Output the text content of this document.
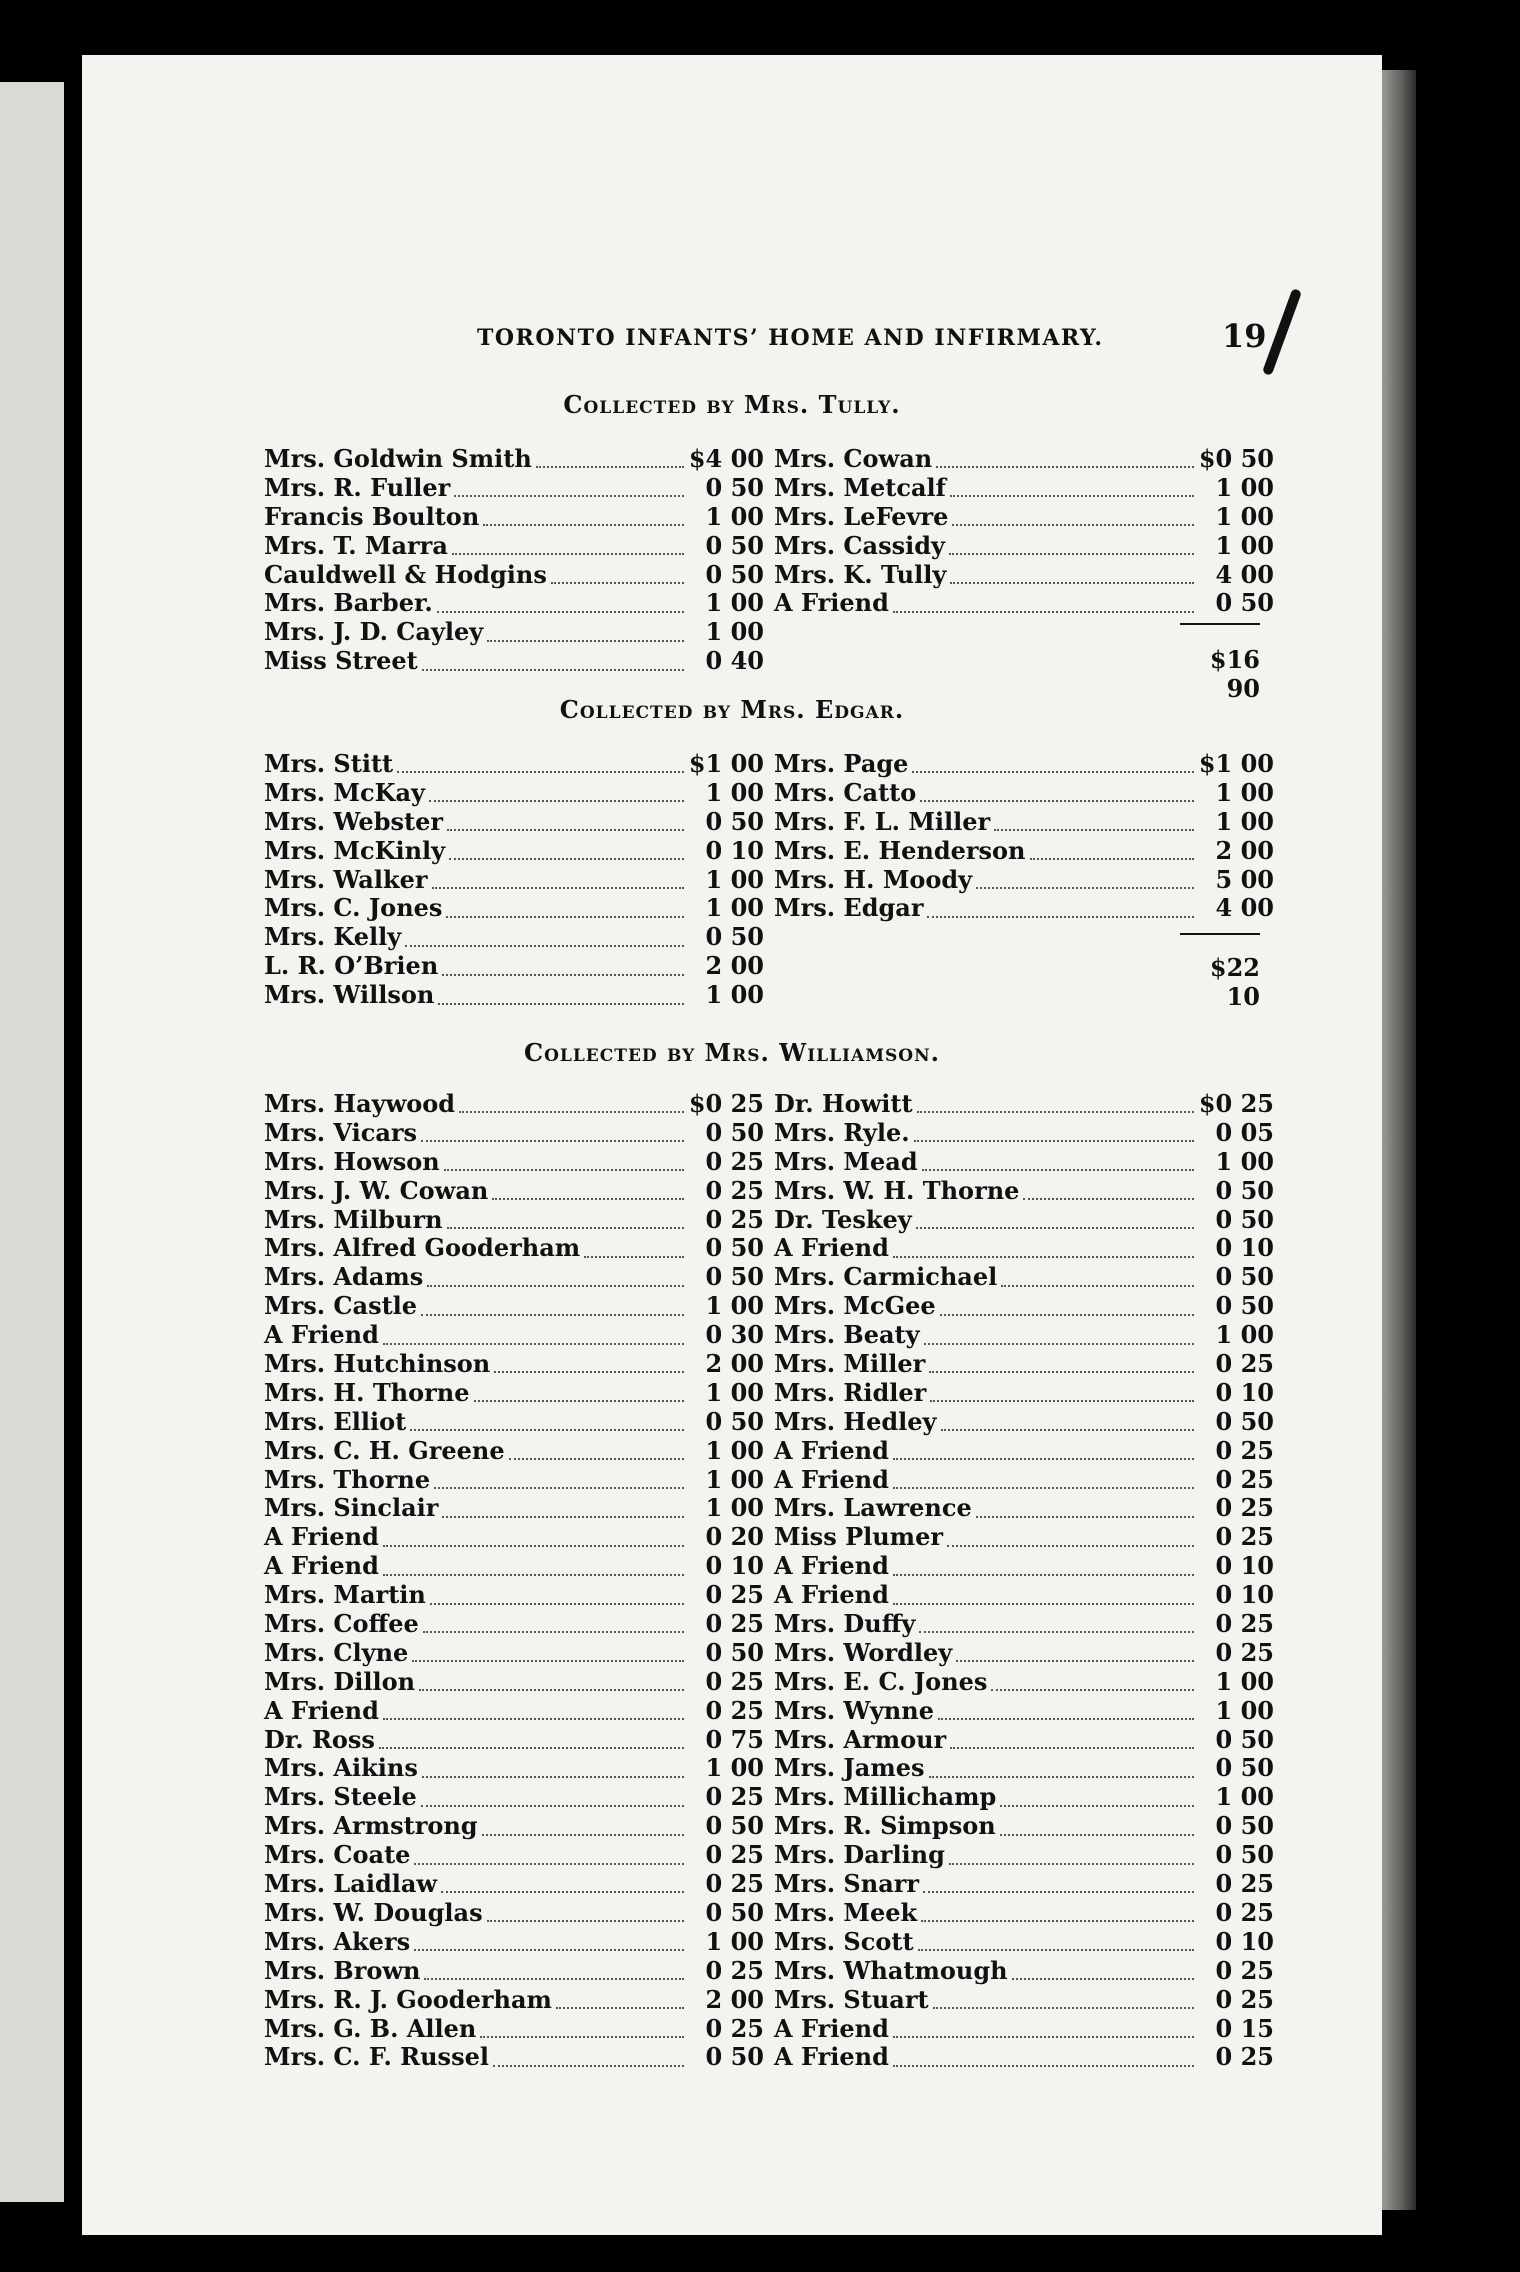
TORONTO INFANTS’ HOME AND INFIRMARY.	19
Collected by Mrs. Tully.
Mrs. Goldwin Smith	$4 00
Mrs. R. Fuller	0 50
Francis Boulton	1 00
Mrs. T. Marra	0 50
Cauldwell & Hodgins	0 50
Mrs. Barber.	1 00
Mrs. J. D. Cayley	1 00
Miss Street	0 40
Mrs. Cowan	$0 50
Mrs. Metcalf	1 00
Mrs. LeFevre	1 00
Mrs. Cassidy	1 00
Mrs. K. Tully	4 00
A Friend	0 50
$16 90
Collected by Mrs. Edgar.
Mrs. Stitt	$1 00
Mrs. McKay	1 00
Mrs. Webster	0 50
Mrs. McKinly	0 10
Mrs. Walker	1 00
Mrs. C. Jones	1 00
Mrs. Kelly	0 50
L. R. O’Brien	2 00
Mrs. Willson	1 00
Mrs. Page	$1 00
Mrs. Catto	1 00
Mrs. F. L. Miller	1 00
Mrs. E. Henderson	2 00
Mrs. H. Moody	5 00
Mrs. Edgar	4 00
$22 10
Collected by Mrs. Williamson.
Mrs. Haywood	$0 25
Mrs. Vicars	0 50
Mrs. Howson	0 25
Mrs. J. W. Cowan	0 25
Mrs. Milburn	0 25
Mrs. Alfred Gooderham	0 50
Mrs. Adams	0 50
Mrs. Castle	1 00
A Friend	0 30
Mrs. Hutchinson	2 00
Mrs. H. Thorne	1 00
Mrs. Elliot	0 50
Mrs. C. H. Greene	1 00
Mrs. Thorne	1 00
Mrs. Sinclair	1 00
A Friend	0 20
A Friend	0 10
Mrs. Martin	0 25
Mrs. Coffee	0 25
Mrs. Clyne	0 50
Mrs. Dillon	0 25
A Friend	0 25
Dr. Ross	0 75
Mrs. Aikins	1 00
Mrs. Steele	0 25
Mrs. Armstrong	0 50
Mrs. Coate	0 25
Mrs. Laidlaw	0 25
Mrs. W. Douglas	0 50
Mrs. Akers	1 00
Mrs. Brown	0 25
Mrs. R. J. Gooderham	2 00
Mrs. G. B. Allen	0 25
Mrs. C. F. Russel	0 50
Dr. Howitt	$0 25
Mrs. Ryle.	0 05
Mrs. Mead	1 00
Mrs. W. H. Thorne	0 50
Dr. Teskey	0 50
A Friend	0 10
Mrs. Carmichael	0 50
Mrs. McGee	0 50
Mrs. Beaty	1 00
Mrs. Miller	0 25
Mrs. Ridler	0 10
Mrs. Hedley	0 50
A Friend	0 25
A Friend	0 25
Mrs. Lawrence	0 25
Miss Plumer	0 25
A Friend	0 10
A Friend	0 10
Mrs. Duffy	0 25
Mrs. Wordley	0 25
Mrs. E. C. Jones	1 00
Mrs. Wynne	1 00
Mrs. Armour	0 50
Mrs. James	0 50
Mrs. Millichamp	1 00
Mrs. R. Simpson	0 50
Mrs. Darling	0 50
Mrs. Snarr	0 25
Mrs. Meek	0 25
Mrs. Scott	0 10
Mrs. Whatmough	0 25
Mrs. Stuart	0 25
A Friend	0 15
A Friend	0 25
